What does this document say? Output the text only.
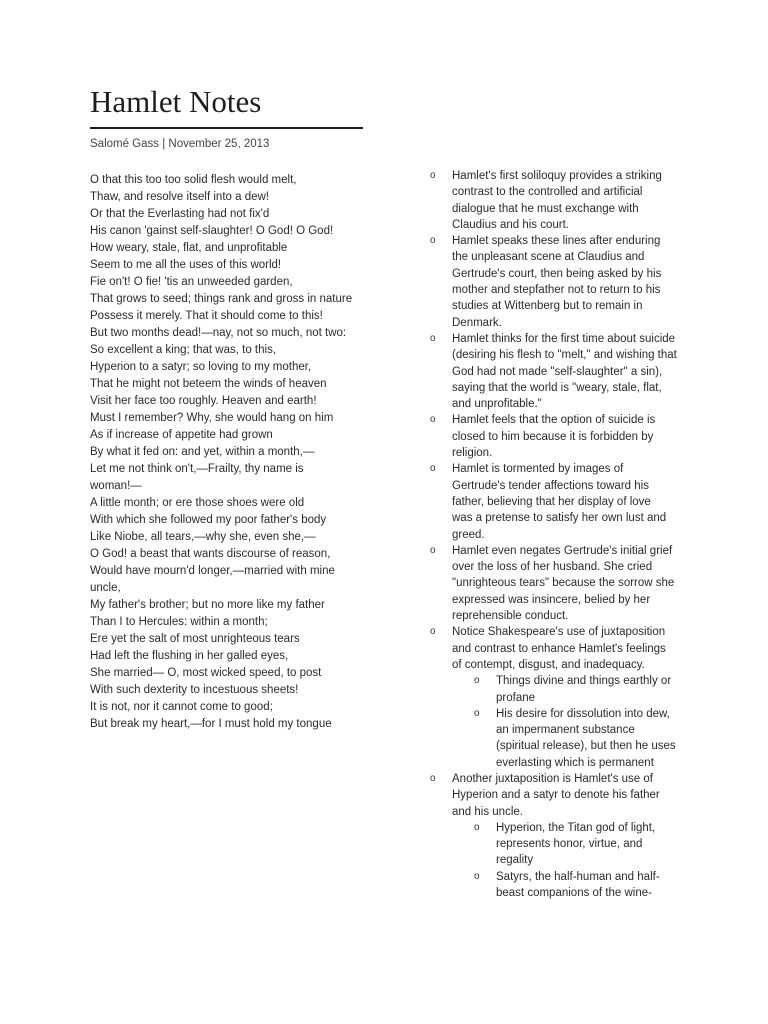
Hamlet Notes
Salomé Gass | November 25, 2013
O that this too too solid flesh would melt,
Thaw, and resolve itself into a dew!
Or that the Everlasting had not fix'd
His canon 'gainst self-slaughter! O God! O God!
How weary, stale, flat, and unprofitable
Seem to me all the uses of this world!
Fie on't! O fie! 'tis an unweeded garden,
That grows to seed; things rank and gross in nature
Possess it merely. That it should come to this!
But two months dead!—nay, not so much, not two:
So excellent a king; that was, to this,
Hyperion to a satyr; so loving to my mother,
That he might not beteem the winds of heaven
Visit her face too roughly. Heaven and earth!
Must I remember? Why, she would hang on him
As if increase of appetite had grown
By what it fed on: and yet, within a month,—
Let me not think on't,—Frailty, thy name is
woman!—
A little month; or ere those shoes were old
With which she followed my poor father's body
Like Niobe, all tears,—why she, even she,—
O God! a beast that wants discourse of reason,
Would have mourn'd longer,—married with mine
uncle,
My father's brother; but no more like my father
Than I to Hercules: within a month;
Ere yet the salt of most unrighteous tears
Had left the flushing in her galled eyes,
She married— O, most wicked speed, to post
With such dexterity to incestuous sheets!
It is not, nor it cannot come to good;
But break my heart,—for I must hold my tongue
o Hamlet's first soliloquy provides a striking
contrast to the controlled and artificial
dialogue that he must exchange with
Claudius and his court.
o Hamlet speaks these lines after enduring
the unpleasant scene at Claudius and
Gertrude's court, then being asked by his
mother and stepfather not to return to his
studies at Wittenberg but to remain in
Denmark.
o Hamlet thinks for the first time about suicide
(desiring his flesh to "melt," and wishing that
God had not made "self-slaughter" a sin),
saying that the world is "weary, stale, flat,
and unprofitable."
o Hamlet feels that the option of suicide is
closed to him because it is forbidden by
religion.
o Hamlet is tormented by images of
Gertrude's tender affections toward his
father, believing that her display of love
was a pretense to satisfy her own lust and
greed.
o Hamlet even negates Gertrude's initial grief
over the loss of her husband. She cried
"unrighteous tears" because the sorrow she
expressed was insincere, belied by her
reprehensible conduct.
o Notice Shakespeare's use of juxtaposition
and contrast to enhance Hamlet's feelings
of contempt, disgust, and inadequacy.
o Things divine and things earthly or
profane
o His desire for dissolution into dew,
an impermanent substance
(spiritual release), but then he uses
everlasting which is permanent
o Another juxtaposition is Hamlet's use of
Hyperion and a satyr to denote his father
and his uncle.
o Hyperion, the Titan god of light,
represents honor, virtue, and
regality
o Satyrs, the half-human and half-
beast companions of the wine-
